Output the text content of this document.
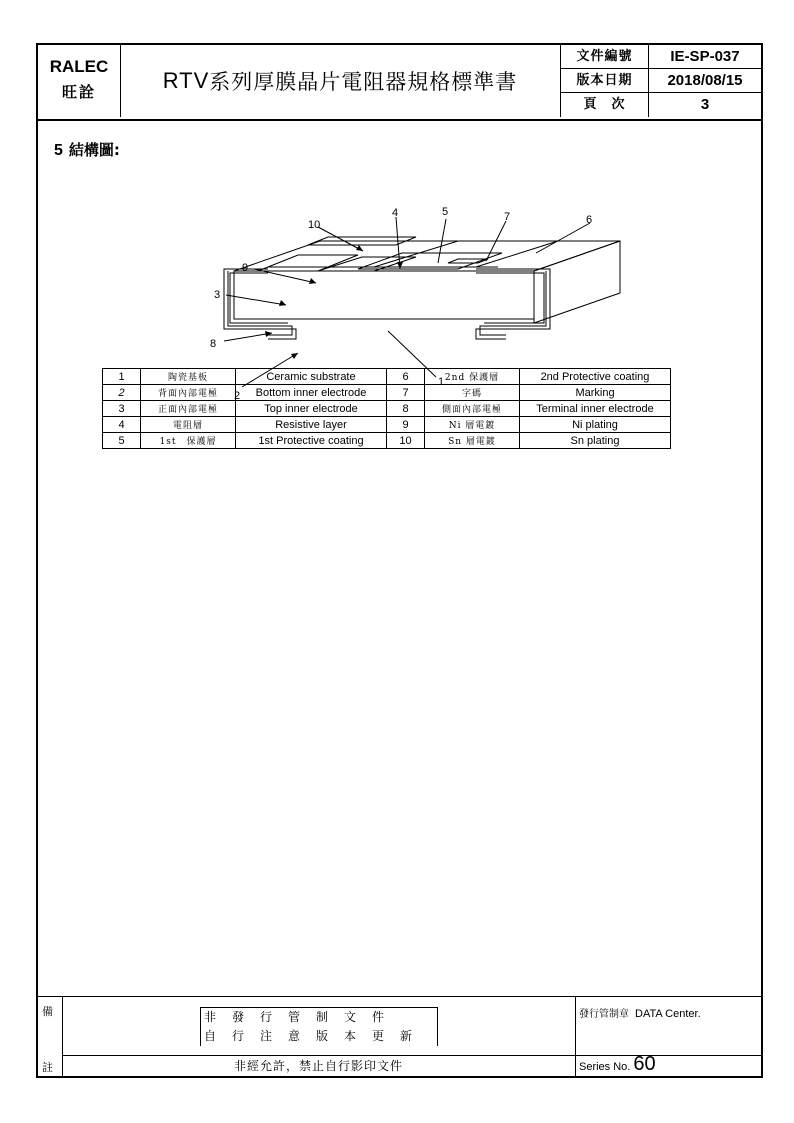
RALEC
旺詮	RTV 系列厚膜晶片電阻器規格標準書
文件編號	IE-SP-037
版本日期	2018/08/15
頁　次	3
5 結構圖:
10
4	5	7	6
9
3
8
2
1
1	陶瓷基板	Ceramic substrate	6	2nd 保護層	2nd Protective coating
2	背面內部電極	Bottom inner electrode	7	字碼	Marking
3	正面內部電極	Top inner electrode	8	側面內部電極	Terminal inner electrode
4	電阻層	Resistive layer	9	Ni 層電鍍	Ni plating
5	1st　保護層	1st Protective coating	10	Sn 層電鍍	Sn plating
備
註
非發行管制文件
自行注意版本更新
非經允許，禁止自行影印文件
發行管制章 DATA Center.
Series No. 60
